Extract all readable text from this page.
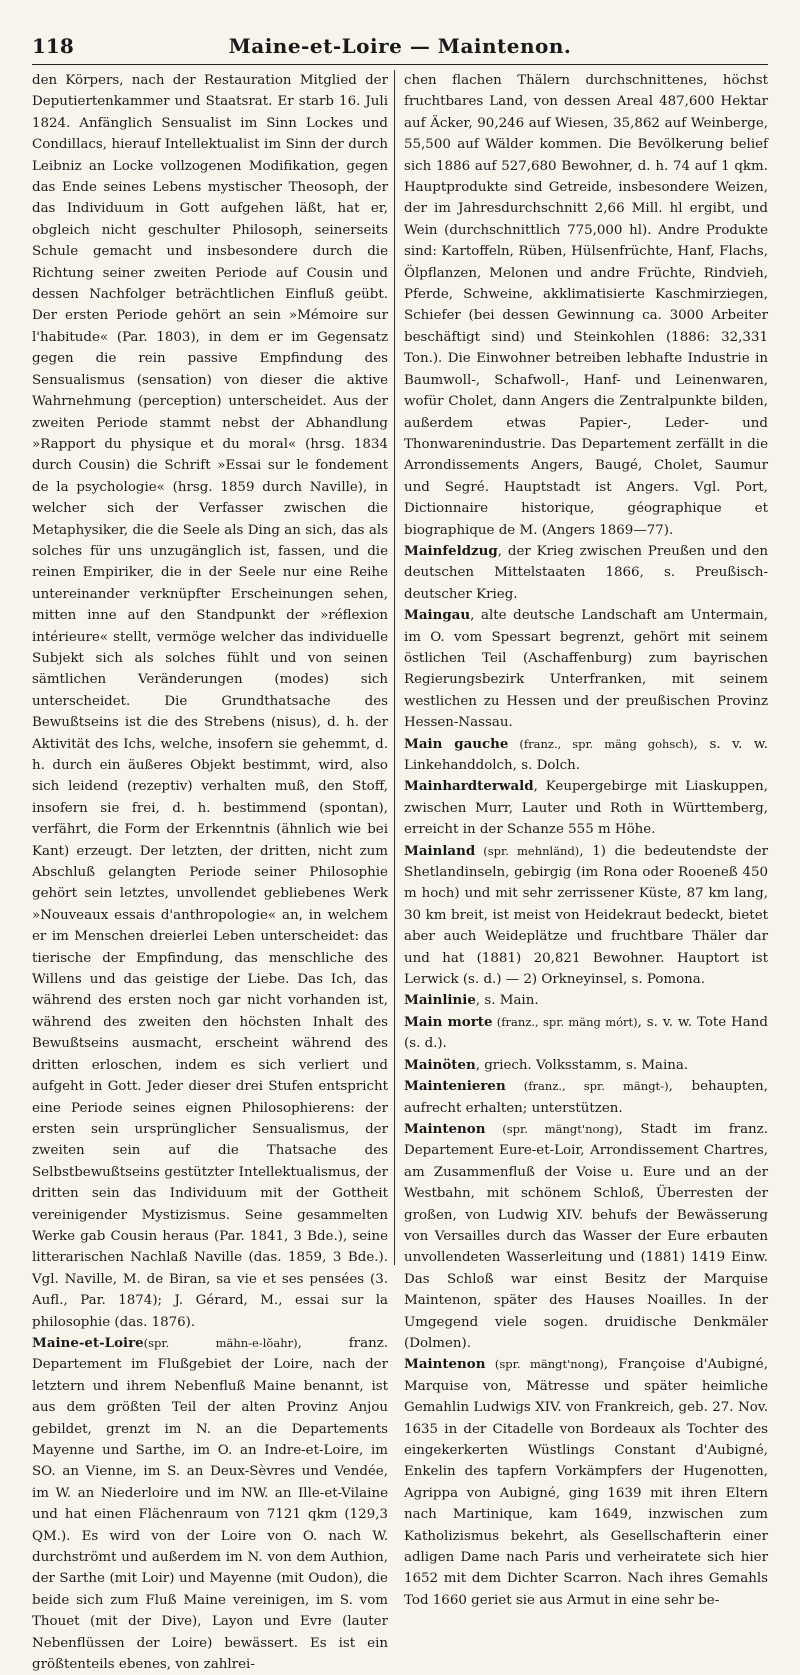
118	Maine-et-Loire — Maintenon.

den Körpers, nach der Restauration Mitglied der Deputiertenkammer und Staatsrat. Er starb 16. Juli 1824. Anfänglich Sensualist im Sinn Lockes und Condillacs, hierauf Intellektualist im Sinn der durch Leibniz an Locke vollzogenen Modifikation, gegen das Ende seines Lebens mystischer Theosoph, der das Individuum in Gott aufgehen läßt, hat er, obgleich nicht geschulter Philosoph, seinerseits Schule gemacht und insbesondere durch die Richtung seiner zweiten Periode auf Cousin und dessen Nachfolger beträchtlichen Einfluß geübt. Der ersten Periode gehört an sein »Mémoire sur l'habitude« (Par. 1803), in dem er im Gegensatz gegen die rein passive Empfindung des Sensualismus (sensation) von dieser die aktive Wahrnehmung (perception) unterscheidet. Aus der zweiten Periode stammt nebst der Abhandlung »Rapport du physique et du moral« (hrsg. 1834 durch Cousin) die Schrift »Essai sur le fondement de la psychologie« (hrsg. 1859 durch Naville), in welcher sich der Verfasser zwischen die Metaphysiker, die die Seele als Ding an sich, das als solches für uns unzugänglich ist, fassen, und die reinen Empiriker, die in der Seele nur eine Reihe untereinander verknüpfter Erscheinungen sehen, mitten inne auf den Standpunkt der »réflexion intérieure« stellt, vermöge welcher das individuelle Subjekt sich als solches fühlt und von seinen sämtlichen Veränderungen (modes) sich unterscheidet. Die Grundthatsache des Bewußtseins ist die des Strebens (nisus), d. h. der Aktivität des Ichs, welche, insofern sie gehemmt, d. h. durch ein äußeres Objekt bestimmt, wird, also sich leidend (rezeptiv) verhalten muß, den Stoff, insofern sie frei, d. h. bestimmend (spontan), verfährt, die Form der Erkenntnis (ähnlich wie bei Kant) erzeugt. Der letzten, der dritten, nicht zum Abschluß gelangten Periode seiner Philosophie gehört sein letztes, unvollendet gebliebenes Werk »Nouveaux essais d'anthropologie« an, in welchem er im Menschen dreierlei Leben unterscheidet: das tierische der Empfindung, das menschliche des Willens und das geistige der Liebe. Das Ich, das während des ersten noch gar nicht vorhanden ist, während des zweiten den höchsten Inhalt des Bewußtseins ausmacht, erscheint während des dritten erloschen, indem es sich verliert und aufgeht in Gott. Jeder dieser drei Stufen entspricht eine Periode seines eignen Philosophierens: der ersten sein ursprünglicher Sensualismus, der zweiten sein auf die Thatsache des Selbstbewußtseins gestützter Intellektualismus, der dritten sein das Individuum mit der Gottheit vereinigender Mystizismus. Seine gesammelten Werke gab Cousin heraus (Par. 1841, 3 Bde.), seine litterarischen Nachlaß Naville (das. 1859, 3 Bde.). Vgl. Naville, M. de Biran, sa vie et ses pensées (3. Aufl., Par. 1874); J. Gérard, M., essai sur la philosophie (das. 1876).

Maine-et-Loire(spr. mähn-e-lŏahr), franz. Departement im Flußgebiet der Loire, nach der letztern und ihrem Nebenfluß Maine benannt, ist aus dem größten Teil der alten Provinz Anjou gebildet, grenzt im N. an die Departements Mayenne und Sarthe, im O. an Indre-et-Loire, im SO. an Vienne, im S. an Deux-Sèvres und Vendée, im W. an Niederloire und im NW. an Ille-et-Vilaine und hat einen Flächenraum von 7121 qkm (129,3 QM.). Es wird von der Loire von O. nach W. durchströmt und außerdem im N. von dem Authion, der Sarthe (mit Loir) und Mayenne (mit Oudon), die beide sich zum Fluß Maine vereinigen, im S. vom Thouet (mit der Dive), Layon und Evre (lauter Nebenflüssen der Loire) bewässert. Es ist ein größtenteils ebenes, von zahlrei-

chen flachen Thälern durchschnittenes, höchst fruchtbares Land, von dessen Areal 487,600 Hektar auf Äcker, 90,246 auf Wiesen, 35,862 auf Weinberge, 55,500 auf Wälder kommen. Die Bevölkerung belief sich 1886 auf 527,680 Bewohner, d. h. 74 auf 1 qkm. Hauptprodukte sind Getreide, insbesondere Weizen, der im Jahresdurchschnitt 2,66 Mill. hl ergibt, und Wein (durchschnittlich 775,000 hl). Andre Produkte sind: Kartoffeln, Rüben, Hülsenfrüchte, Hanf, Flachs, Ölpflanzen, Melonen und andre Früchte, Rindvieh, Pferde, Schweine, akklimatisierte Kaschmirziegen, Schiefer (bei dessen Gewinnung ca. 3000 Arbeiter beschäftigt sind) und Steinkohlen (1886: 32,331 Ton.). Die Einwohner betreiben lebhafte Industrie in Baumwoll-, Schafwoll-, Hanf- und Leinenwaren, wofür Cholet, dann Angers die Zentralpunkte bilden, außerdem etwas Papier-, Leder- und Thonwarenindustrie. Das Departement zerfällt in die Arrondissements Angers, Baugé, Cholet, Saumur und Segré. Hauptstadt ist Angers. Vgl. Port, Dictionnaire historique, géographique et biographique de M. (Angers 1869—77).

Mainfeldzug, der Krieg zwischen Preußen und den deutschen Mittelstaaten 1866, s. Preußisch-deutscher Krieg.

Maingau, alte deutsche Landschaft am Untermain, im O. vom Spessart begrenzt, gehört mit seinem östlichen Teil (Aschaffenburg) zum bayrischen Regierungsbezirk Unterfranken, mit seinem westlichen zu Hessen und der preußischen Provinz Hessen-Nassau.

Main gauche (franz., spr. mäng gohsch), s. v. w. Linkehanddolch, s. Dolch.

Mainhardterwald, Keupergebirge mit Liaskuppen, zwischen Murr, Lauter und Roth in Württemberg, erreicht in der Schanze 555 m Höhe.

Mainland (spr. mehnländ), 1) die bedeutendste der Shetlandinseln, gebirgig (im Rona oder Rooeneß 450 m hoch) und mit sehr zerrissener Küste, 87 km lang, 30 km breit, ist meist von Heidekraut bedeckt, bietet aber auch Weideplätze und fruchtbare Thäler dar und hat (1881) 20,821 Bewohner. Hauptort ist Lerwick (s. d.) — 2) Orkneyinsel, s. Pomona.

Mainlinie, s. Main.

Main morte (franz., spr. mäng mórt), s. v. w. Tote Hand (s. d.).

Mainöten, griech. Volksstamm, s. Maina.

Maintenieren (franz., spr. mängt-), behaupten, aufrecht erhalten; unterstützen.

Maintenon (spr. mängt'nong), Stadt im franz. Departement Eure-et-Loir, Arrondissement Chartres, am Zusammenfluß der Voise u. Eure und an der Westbahn, mit schönem Schloß, Überresten der großen, von Ludwig XIV. behufs der Bewässerung von Versailles durch das Wasser der Eure erbauten unvollendeten Wasserleitung und (1881) 1419 Einw. Das Schloß war einst Besitz der Marquise Maintenon, später des Hauses Noailles. In der Umgegend viele sogen. druidische Denkmäler (Dolmen).

Maintenon (spr. mängt'nong), Françoise d'Aubigné, Marquise von, Mätresse und später heimliche Gemahlin Ludwigs XIV. von Frankreich, geb. 27. Nov. 1635 in der Citadelle von Bordeaux als Tochter des eingekerkerten Wüstlings Constant d'Aubigné, Enkelin des tapfern Vorkämpfers der Hugenotten, Agrippa von Aubigné, ging 1639 mit ihren Eltern nach Martinique, kam 1649, inzwischen zum Katholizismus bekehrt, als Gesellschafterin einer adligen Dame nach Paris und verheiratete sich hier 1652 mit dem Dichter Scarron. Nach ihres Gemahls Tod 1660 geriet sie aus Armut in eine sehr be-
